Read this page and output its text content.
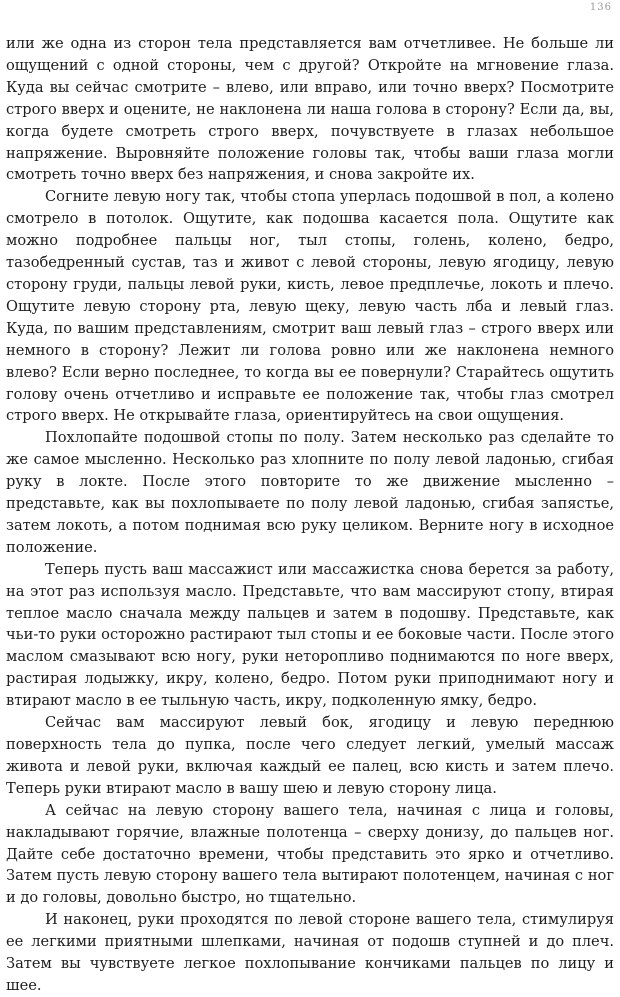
136

или же одна из сторон тела представляется вам отчетливее. Не больше ли ощущений с одной стороны, чем с другой? Откройте на мгновение глаза. Куда вы сейчас смотрите – влево, или вправо, или точно вверх? Посмотрите строго вверх и оцените, не наклонена ли наша голова в сторону? Если да, вы, когда будете смотреть строго вверх, почувствуете в глазах небольшое напряжение. Выровняйте положение головы так, чтобы ваши глаза могли смотреть точно вверх без напряжения, и снова закройте их.

Согните левую ногу так, чтобы стопа уперлась подошвой в пол, а колено смотрело в потолок. Ощутите, как подошва касается пола. Ощутите как можно подробнее пальцы ног, тыл стопы, голень, колено, бедро, тазобедренный сустав, таз и живот с левой стороны, левую ягодицу, левую сторону груди, пальцы левой руки, кисть, левое предплечье, локоть и плечо. Ощутите левую сторону рта, левую щеку, левую часть лба и левый глаз. Куда, по вашим представлениям, смотрит ваш левый глаз – строго вверх или немного в сторону? Лежит ли голова ровно или же наклонена немного влево? Если верно последнее, то когда вы ее повернули? Старайтесь ощутить голову очень отчетливо и исправьте ее положение так, чтобы глаз смотрел строго вверх. Не открывайте глаза, ориентируйтесь на свои ощущения.

Похлопайте подошвой стопы по полу. Затем несколько раз сделайте то же самое мысленно. Несколько раз хлопните по полу левой ладонью, сгибая руку в локте. После этого повторите то же движение мысленно – представьте, как вы похлопываете по полу левой ладонью, сгибая запястье, затем локоть, а потом поднимая всю руку целиком. Верните ногу в исходное положение.

Теперь пусть ваш массажист или массажистка снова берется за работу, на этот раз используя масло. Представьте, что вам массируют стопу, втирая теплое масло сначала между пальцев и затем в подошву. Представьте, как чьи-то руки осторожно растирают тыл стопы и ее боковые части. После этого маслом смазывают всю ногу, руки неторопливо поднимаются по ноге вверх, растирая лодыжку, икру, колено, бедро. Потом руки приподнимают ногу и втирают масло в ее тыльную часть, икру, подколенную ямку, бедро.

Сейчас вам массируют левый бок, ягодицу и левую переднюю поверхность тела до пупка, после чего следует легкий, умелый массаж живота и левой руки, включая каждый ее палец, всю кисть и затем плечо. Теперь руки втирают масло в вашу шею и левую сторону лица.

А сейчас на левую сторону вашего тела, начиная с лица и головы, накладывают горячие, влажные полотенца – сверху донизу, до пальцев ног. Дайте себе достаточно времени, чтобы представить это ярко и отчетливо. Затем пусть левую сторону вашего тела вытирают полотенцем, начиная с ног и до головы, довольно быстро, но тщательно.

И наконец, руки проходятся по левой стороне вашего тела, стимулируя ее легкими приятными шлепками, начиная от подошв ступней и до плеч. Затем вы чувствуете легкое похлопывание кончиками пальцев по лицу и шее.
